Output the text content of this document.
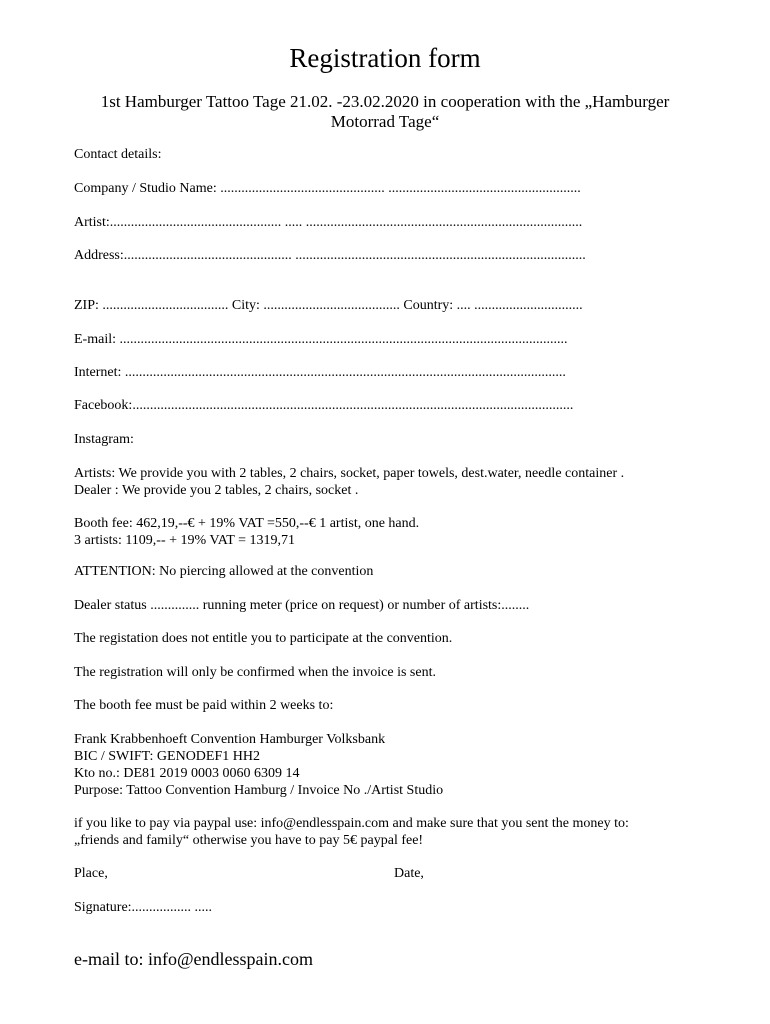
Registration form
1st Hamburger Tattoo Tage 21.02. -23.02.2020 in cooperation with the „Hamburger
Motorrad Tage“
Contact details:
Company / Studio Name: ............................................... .......................................................
Artist:................................................. ..... ...............................................................................
Address:................................................ ...................................................................................
ZIP: .................................... City: ....................................... Country: .... ...............................
E-mail: ................................................................................................................................
Internet: ..............................................................................................................................
Facebook:..............................................................................................................................
Instagram:
Artists: We provide you with 2 tables, 2 chairs, socket, paper towels, dest.water, needle container .
Dealer : We provide you 2 tables, 2 chairs, socket .
Booth fee: 462,19,--€ + 19% VAT =550,--€ 1 artist, one hand.
3 artists: 1109,-- + 19% VAT = 1319,71
ATTENTION: No piercing allowed at the convention
Dealer status .............. running meter (price on request) or number of artists:........
The registation does not entitle you to participate at the convention.
The registration will only be confirmed when the invoice is sent.
The booth fee must be paid within 2 weeks to:
Frank Krabbenhoeft Convention Hamburger Volksbank
BIC / SWIFT: GENODEF1 HH2
Kto no.: DE81 2019 0003 0060 6309 14
Purpose: Tattoo Convention Hamburg / Invoice No ./Artist Studio
if you like to pay via paypal use: info@endlesspain.com and make sure that you sent the money to:
„friends and family“ otherwise you have to pay 5€ paypal fee!
Place,	Date,
Signature:................. .....
e-mail to: info@endlesspain.com
